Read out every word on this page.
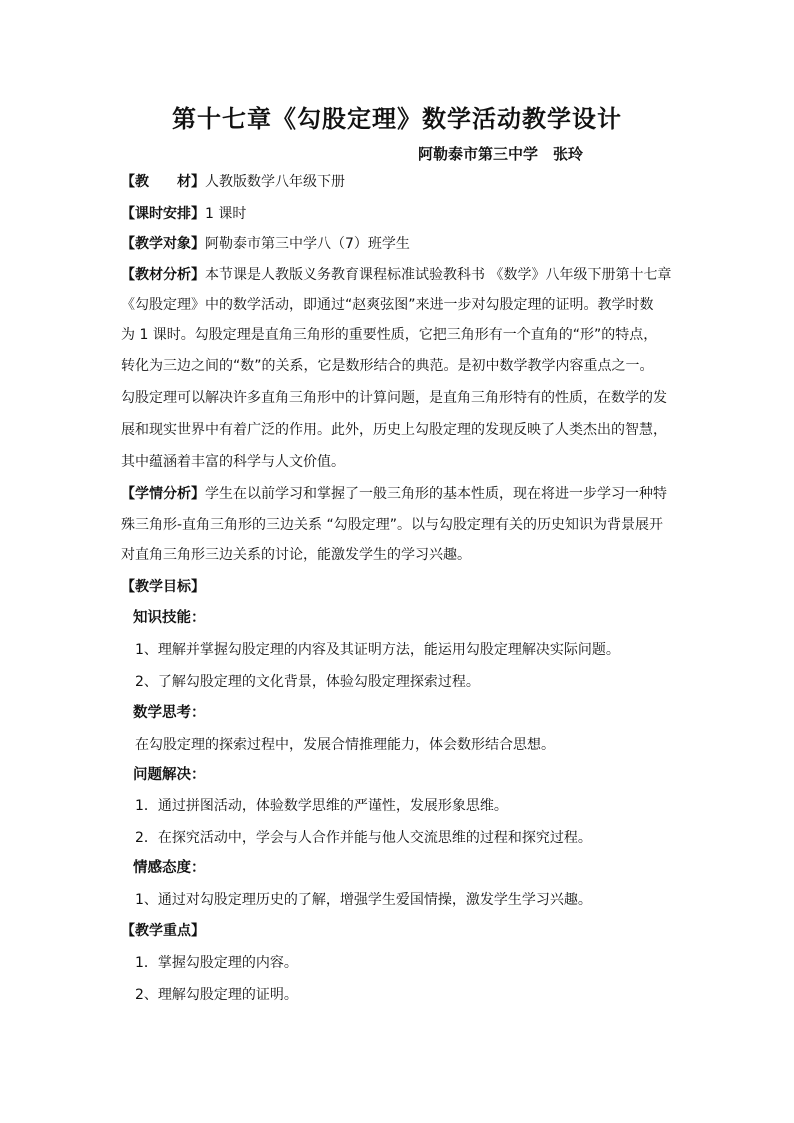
第十七章《勾股定理》数学活动教学设计
阿勒泰市第三中学　 张玲
【教　　材】人教版数学八年级下册
【课时安排】1 课时
【教学对象】阿勒泰市第三中学八（7）班学生
【教材分析】本节课是人教版义务教育课程标准试验教科书 《数学》八年级下册第十七章
《勾股定理》中的数学活动，即通过“赵爽弦图”来进一步对勾股定理的证明。教学时数
为 1 课时。勾股定理是直角三角形的重要性质，它把三角形有一个直角的“形”的特点，
转化为三边之间的“数”的关系，它是数形结合的典范。是初中数学教学内容重点之一。
勾股定理可以解决许多直角三角形中的计算问题，是直角三角形特有的性质，在数学的发
展和现实世界中有着广泛的作用。此外，历史上勾股定理的发现反映了人类杰出的智慧，
其中蕴涵着丰富的科学与人文价值。
【学情分析】学生在以前学习和掌握了一般三角形的基本性质，现在将进一步学习一种特
殊三角形-直角三角形的三边关系 “勾股定理”。以与勾股定理有关的历史知识为背景展开
对直角三角形三边关系的讨论，能激发学生的学习兴趣。
【教学目标】
知识技能：
1、理解并掌握勾股定理的内容及其证明方法，能运用勾股定理解决实际问题。
2、了解勾股定理的文化背景，体验勾股定理探索过程。
数学思考：
在勾股定理的探索过程中，发展合情推理能力，体会数形结合思想。
问题解决：
1．通过拼图活动，体验数学思维的严谨性，发展形象思维。
2．在探究活动中，学会与人合作并能与他人交流思维的过程和探究过程。
情感态度：
1、通过对勾股定理历史的了解，增强学生爱国情操，激发学生学习兴趣。
【教学重点】
1．掌握勾股定理的内容。
2、理解勾股定理的证明。
